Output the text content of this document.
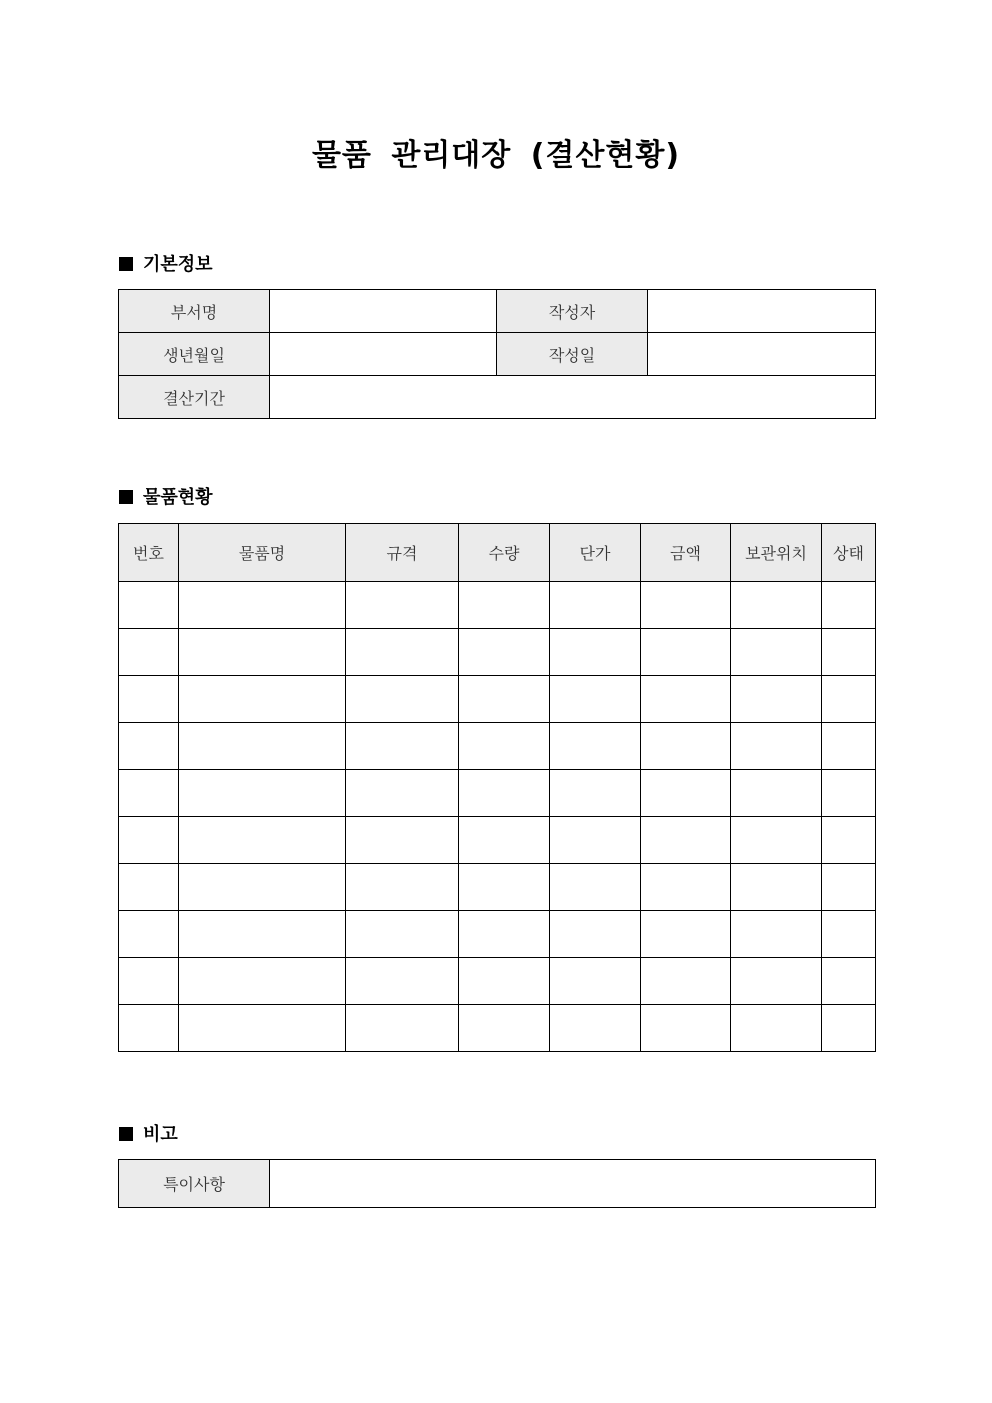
물품 관리대장 (결산현황)
기본정보
부서명		작성자	
생년월일		작성일	
결산기간			
물품현황
번호	물품명	규격	수량	단가	금액	보관위치	상태

비고
특이사항	
